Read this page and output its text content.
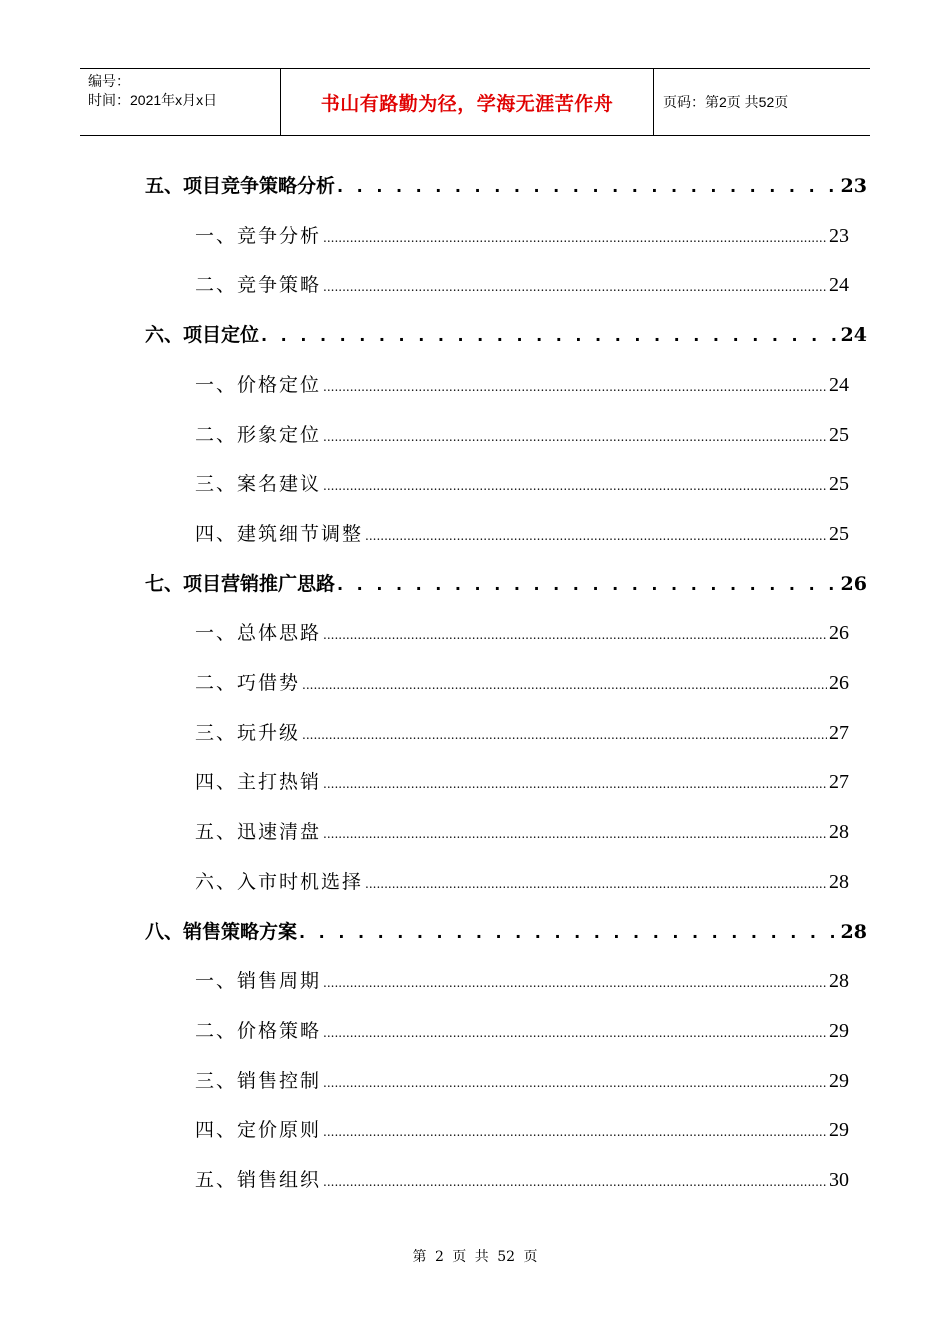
编号：
时间：2021年x月x日	书山有路勤为径，学海无涯苦作舟	页码：第2页 共52页
五、项目竞争策略分析 . . .	23
一、竞争分析 .....	23
二、竞争策略 .....	24
六、项目定位 . . .	24
一、价格定位 .....	24
二、形象定位 .....	25
三、案名建议 .....	25
四、建筑细节调整 .....	25
七、项目营销推广思路 . . .	26
一、总体思路 .....	26
二、巧借势 .....	26
三、玩升级 .....	27
四、主打热销 .....	27
五、迅速清盘 .....	28
六、入市时机选择 .....	28
八、销售策略方案 . . .	28
一、销售周期 .....	28
二、价格策略 .....	29
三、销售控制 .....	29
四、定价原则 .....	29
五、销售组织 .....	30
第 2 页 共 52 页
